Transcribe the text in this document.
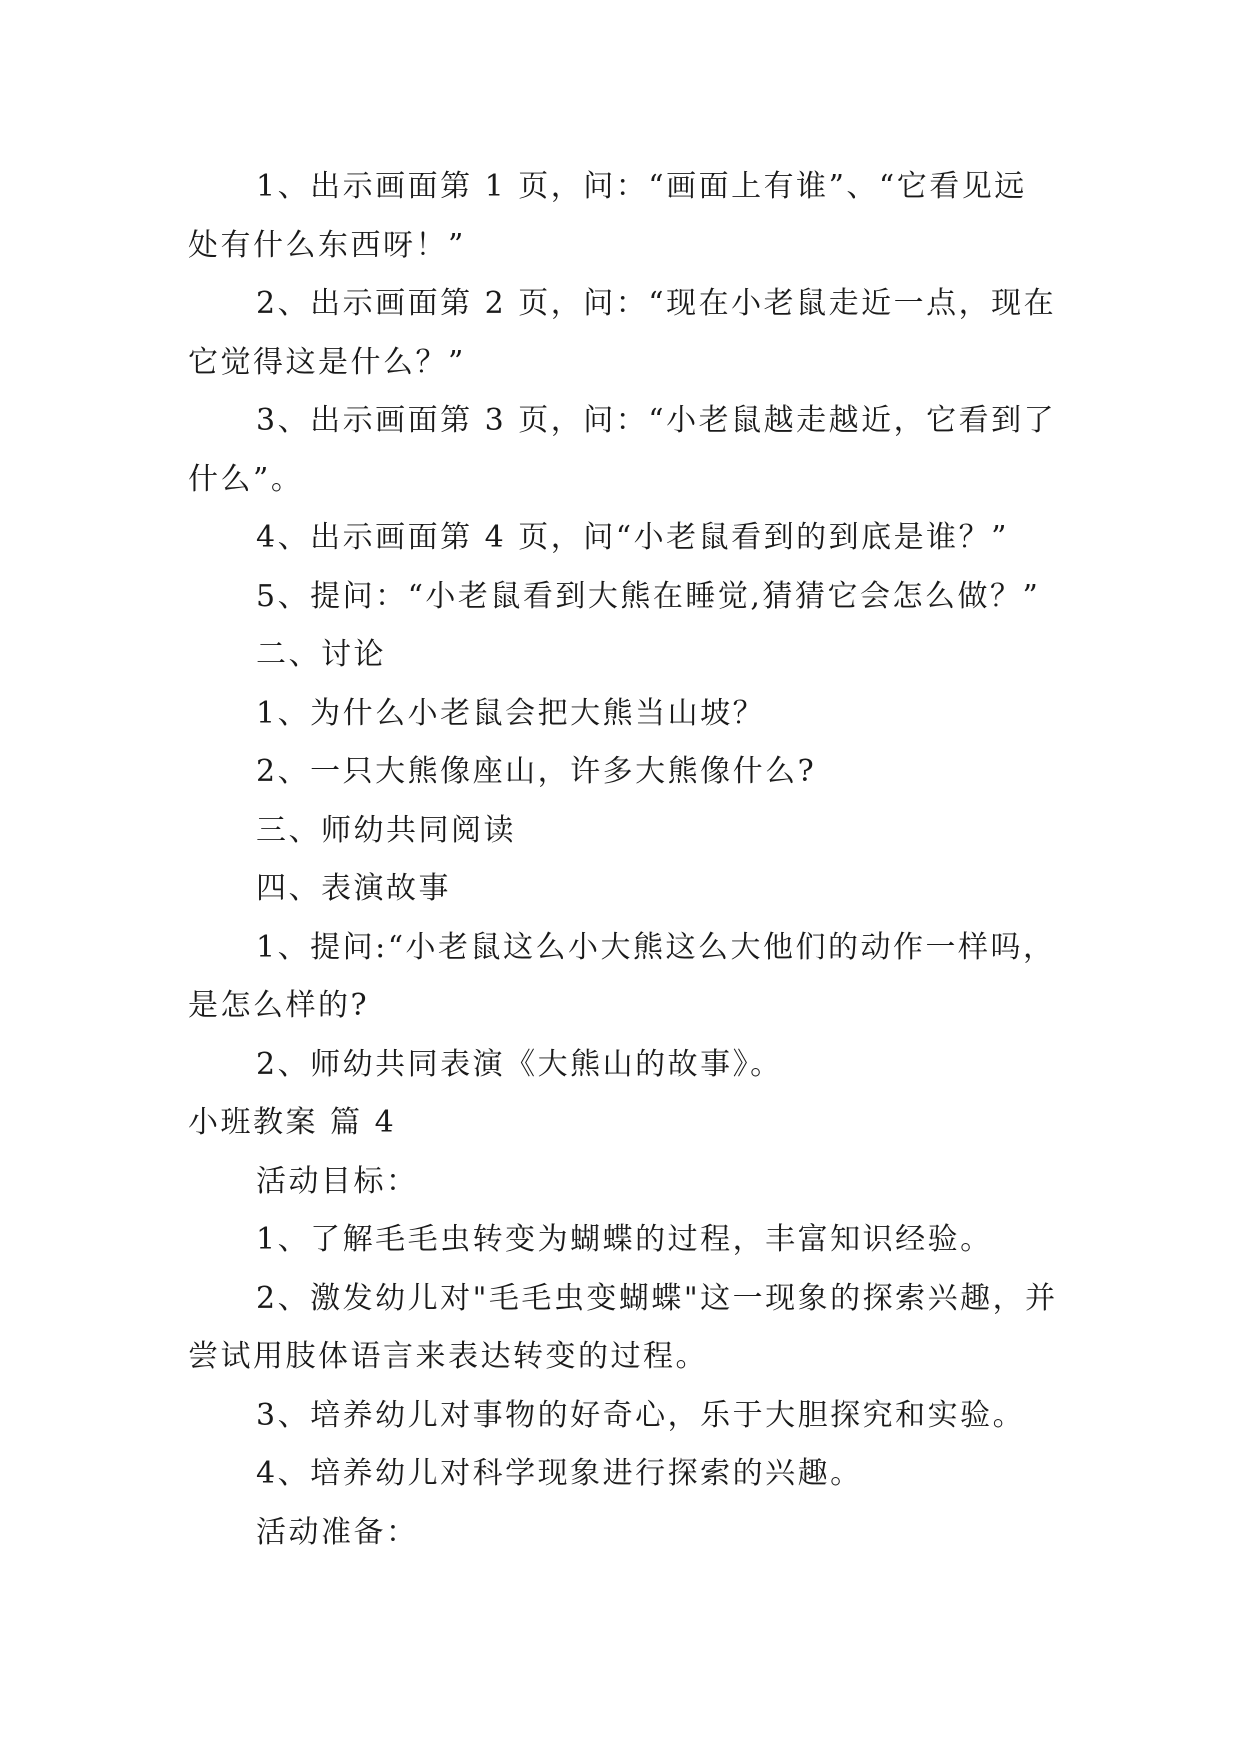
1、出示画面第 1 页，问：“画面上有谁”、“它看见远处有什么东西呀！”

2、出示画面第 2 页，问：“现在小老鼠走近一点，现在它觉得这是什么？”

3、出示画面第 3 页，问：“小老鼠越走越近，它看到了什么”。

4、出示画面第 4 页，问“小老鼠看到的到底是谁？”

5、提问：“小老鼠看到大熊在睡觉,猜猜它会怎么做？”

二、讨论

1、为什么小老鼠会把大熊当山坡？

2、一只大熊像座山，许多大熊像什么?

三、师幼共同阅读

四、表演故事

1、提问:“小老鼠这么小大熊这么大他们的动作一样吗，是怎么样的?

2、师幼共同表演《大熊山的故事》。

小班教案 篇 4

活动目标：

1、了解毛毛虫转变为蝴蝶的过程，丰富知识经验。

2、激发幼儿对"毛毛虫变蝴蝶"这一现象的探索兴趣，并尝试用肢体语言来表达转变的过程。

3、培养幼儿对事物的好奇心，乐于大胆探究和实验。

4、培养幼儿对科学现象进行探索的兴趣。

活动准备：
